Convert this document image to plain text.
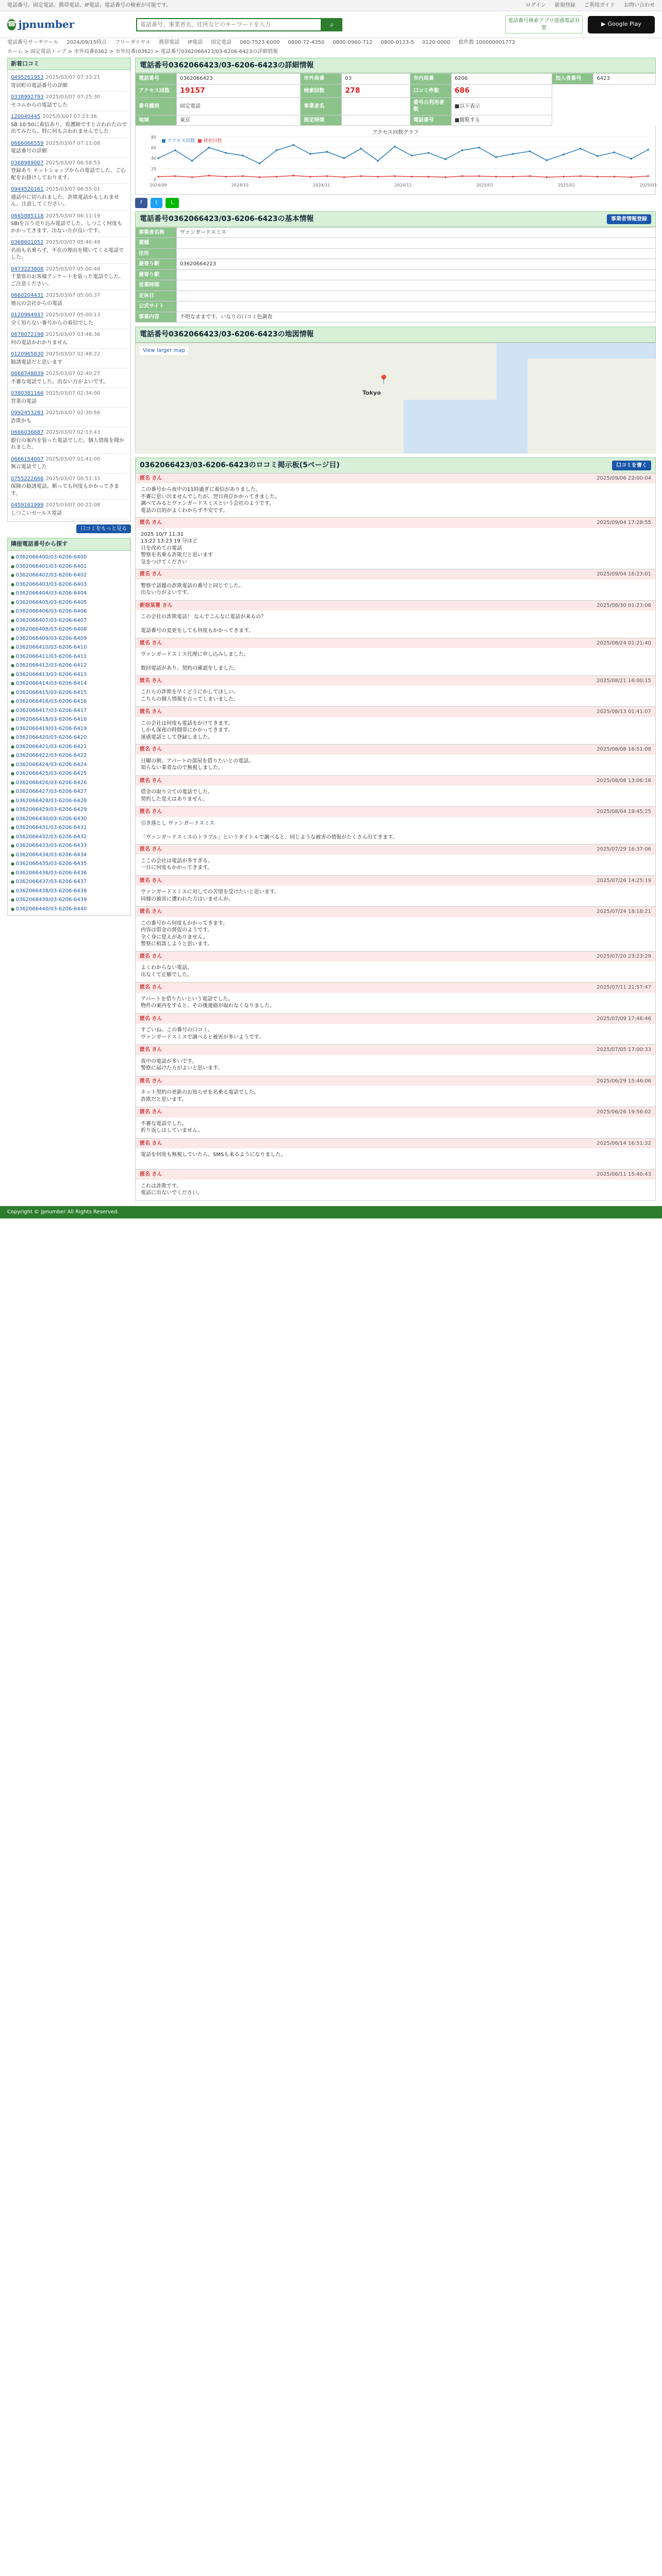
電話番号、固定電話、携帯電話、IP電話、電話番号の検索が可能です。	ログイン 新規登録 ご利用ガイド お問い合わせ
☎ jpnumber
電話番号、事業者名、住所などのキーワードを入力	⌕	電話番号検索アプリ迷惑電話対策
▶ Google Play
電話番号サーチツール 2024/09/15時点 フリーダイヤル 携帯電話 IP電話 固定電話 060-7523-6000 0800-72-4350 0800-0960-712 0800-0123-5 0120-0000 総件数 100000001773
ホーム > 固定電話トップ > 市外局番0362 > 市外局番(0362) > 電話番号0362066423/03-6206-6423の詳細情報
新着口コミ
0495261953 2025/03/07 07:33:21
寄居町の電話番号の詳細
0338992793 2025/03/07 07:25:30
セコムからの電話でした
120040445 2025/03/07 07:23:36
SB 10:50に着信あり。看護師ですと言われたので出てみたら、特に何も言われませんでした
0666066559 2025/03/07 07:11:08
電話番号の詳細
0368989007 2025/03/07 06:58:53
登録あり ネットショップからの電話でした。ご心配をお掛けしております。
0944520161 2025/03/07 06:55:01
通話中に切られました。詐欺電話かもしれません。注意してください。
0665885118 2025/03/07 06:11:19
SBIを言う売り込み電話でした。しつこく何度もかかってきます。出ない方が良いです。
0368601052 2025/03/07 05:46:49
名前も名乗らず、不在の理由を聞いてくる電話でした。
0473223808 2025/03/07 05:00:48
千葉県のお客様アンケートを装った電話でした。ご注意ください。
0660204431 2025/03/07 05:00:37
地元の会社からの電話
0120964937 2025/03/07 05:00:13
全く知らない番号からの着信でした
0678072198 2025/03/07 03:48:36
何の電話かわかりません
0120965830 2025/03/07 02:48:22
勧誘電話だと思います
0668748839 2025/03/07 02:40:27
不審な電話でした。出ない方がよいです。
0380381166 2025/03/07 02:34:00
営業の電話
0992453283 2025/03/07 02:30:56
詐欺かも
0666036687 2025/03/07 02:13:43
銀行の案内を装った電話でした。個人情報を聞かれました。
0666154007 2025/03/07 01:41:00
無言電話でした
0755222666 2025/03/07 00:51:33
保険の勧誘電話。断っても何度もかかってきます。
0459161999 2025/03/07 00:22:08
しつこいセールス電話
口コミをもっと見る
隣接電話番号から探す
● 0362066400/03-6206-6400
● 0362066401/03-6206-6401
● 0362066402/03-6206-6402
● 0362066403/03-6206-6403
● 0362066404/03-6206-6404
● 0362066405/03-6206-6405
● 0362066406/03-6206-6406
● 0362066407/03-6206-6407
● 0362066408/03-6206-6408
● 0362066409/03-6206-6409
● 0362066410/03-6206-6410
● 0362066411/03-6206-6411
● 0362066412/03-6206-6412
● 0362066413/03-6206-6413
● 0362066414/03-6206-6414
● 0362066415/03-6206-6415
● 0362066416/03-6206-6416
● 0362066417/03-6206-6417
● 0362066418/03-6206-6418
● 0362066419/03-6206-6419
● 0362066420/03-6206-6420
● 0362066421/03-6206-6421
● 0362066422/03-6206-6422
● 0362066424/03-6206-6424
● 0362066425/03-6206-6425
● 0362066426/03-6206-6426
● 0362066427/03-6206-6427
● 0362066428/03-6206-6428
● 0362066429/03-6206-6429
● 0362066430/03-6206-6430
● 0362066431/03-6206-6431
● 0362066432/03-6206-6432
● 0362066433/03-6206-6433
● 0362066434/03-6206-6434
● 0362066435/03-6206-6435
● 0362066436/03-6206-6436
● 0362066437/03-6206-6437
● 0362066438/03-6206-6438
● 0362066439/03-6206-6439
● 0362066440/03-6206-6440
電話番号0362066423/03-6206-6423の詳細情報
電話番号	0362066423	市外局番	03	市内局番	6206	加入者番号	6423
アクセス回数	19157	検索回数	278	口コミ件数	686		
番号種別	固定電話	事業者名		番号の利用者数	■以下表示		
地域	東京	推定時間		電話番号	■閲覧する		
アクセス回数グラフ
80
60
40
20
0
2024/09	2024/10	2024/11	2024/12	2025/01	2025/02	2025/03
■ アクセス回数 ■ 検索回数
f	t	L
電話番号0362066423/03-6206-6423の基本情報	事業者情報登録
事業者名称	ヴァンガードスミス
業種	
住所	
最寄り駅	03620664223
最寄り駅	
営業時間	
定休日	
公式サイト	
事業内容	不明なままです。いなりの口コミ色調査
電話番号0362066423/03-6206-6423の地図情報
📍
Tokyo
View larger map
0362066423/03-6206-6423のロコミ掲示板(5ページ目)	口コミを書く
匿名 さん	2025/09/06 22:00:04
この番号から夜中の11時過ぎに着信がありました。
不審に思い出ませんでしたが、翌日再びかかってきました。
調べてみるとヴァンガードスミスという会社のようです。
電話の目的がよくわからず不安です。
匿名 さん	2025/09/04 17:28:55
2025 10/7 11:31
13:22 13:23 19 分ほど
日を改めての電話
警察を名乗る詐欺だと思います
気をつけてください
匿名 さん	2025/09/04 16:23:01
警察で話題の詐欺電話の番号と同じでした。
出ない方がよいです。
新宿某署 さん	2025/08/30 01:23:06
この会社の詐欺電話！ なんでこんなに電話が来るの？

電話番号の変更をしても何度もかかってきます。
匿名 さん	2025/08/24 01:21:40
ヴァンガードスミス代理に申し込みしました。

数回電話があり、契約の確認をしました。
匿名 さん	2025/08/21 16:00:15
これらの詐欺を早くどうにかしてほしい。
こちらの個人情報を言ってしまいました。
匿名 さん	2025/08/13 01:41:07
この会社は何度も電話をかけてきます。
しかも深夜の時間帯にかかってきます。
迷惑電話として登録しました。
匿名 さん	2025/08/08 16:51:08
日曜の朝、アパートの部屋を借りたいとの電話。
知らない業者なので無視しました。
匿名 さん	2025/08/08 13:06:16
借金の取り立ての電話でした。
契約した覚えはありません。
匿名 さん	2025/08/04 19:45:25
引き落とし ヴァンガードスミス

「ヴァンガードスミスのトラブル」というタイトルで調べると、同じような被害の情報がたくさん出てきます。
匿名 さん	2025/07/29 16:37:06
ここの会社は電話が多すぎる。
一日に何度もかかってきます。
匿名 さん	2025/07/26 14:25:19
ヴァンガードスミスに対しての苦情を受けたいと思います。
同様の被害に遭われた方はいませんか。
匿名 さん	2025/07/24 18:18:21
この番号から何度もかかってきます。
内容は借金の督促のようです。
全く身に覚えがありません。
警察に相談しようと思います。
匿名 さん	2025/07/20 23:23:29
よくわからない電話。
出なくて正解でした。
匿名 さん	2025/07/11 21:57:47
アパートを借りたいという電話でした。
物件の案内をすると、その後連絡が取れなくなりました。
匿名 さん	2025/07/09 17:46:46
すごいね。この番号の口コミ。
ヴァンガードスミスで調べると被害が多いようです。
匿名 さん	2025/07/05 17:00:33
夜中の電話が多いです。
警察に届けた方がよいと思います。
匿名 さん	2025/06/29 15:46:06
ネット契約の更新のお知らせを名乗る電話でした。
詐欺だと思います。
匿名 さん	2025/06/26 19:56:02
不審な電話でした。
折り返しはしていません。
匿名 さん	2025/06/14 16:51:32
電話を何度も無視していたら、SMSも来るようになりました。
匿名 さん	2025/06/11 15:40:43
これは詐欺です。
電話に出ないでください。
Copyright © jpnumber All Rights Reserved.
